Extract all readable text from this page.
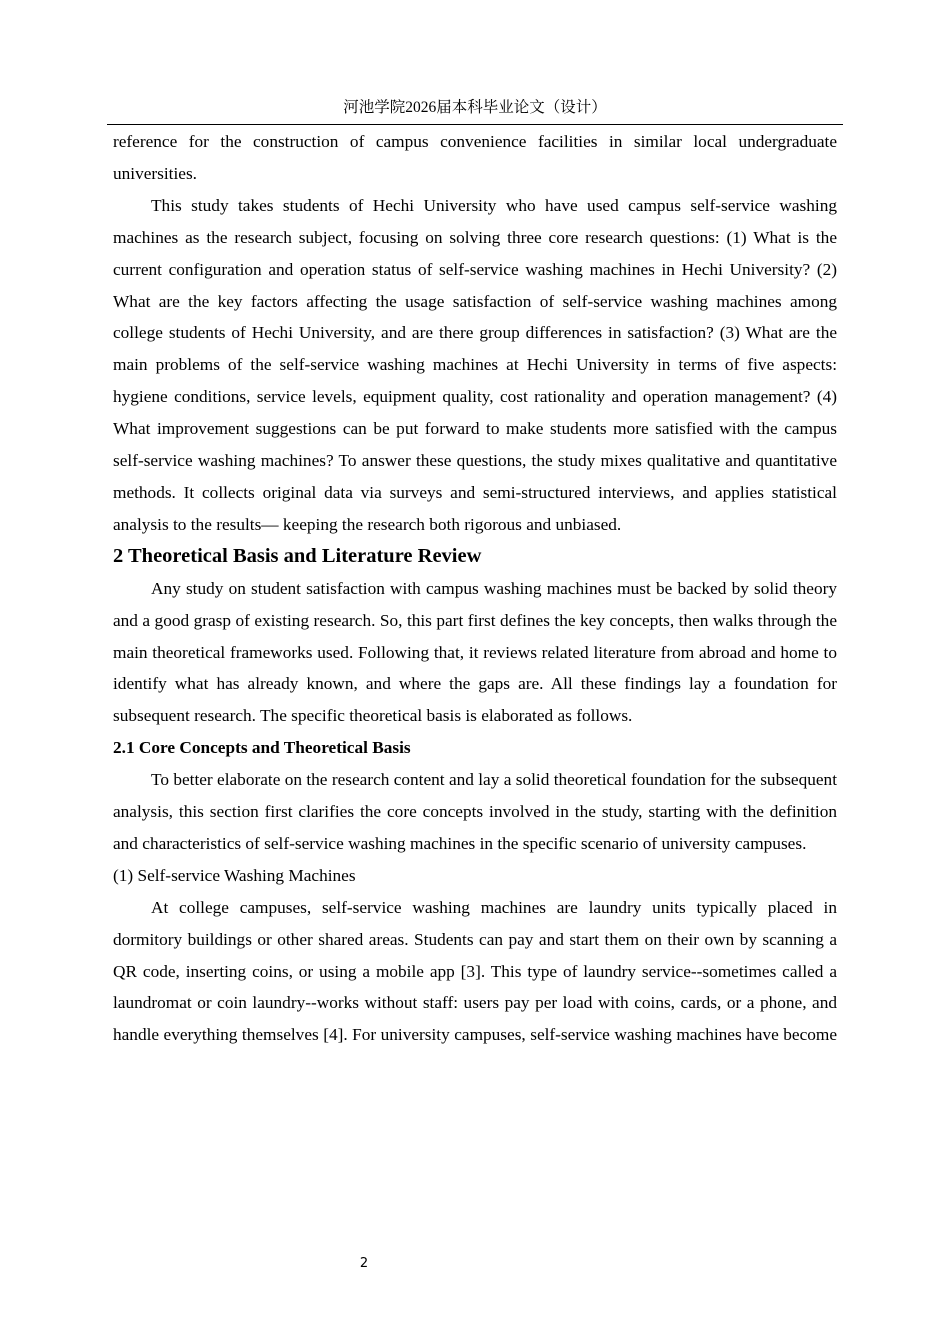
河池学院2026届本科毕业论文（设计）

reference for the construction of campus convenience facilities in similar local undergraduate universities.

This study takes students of Hechi University who have used campus self-service washing machines as the research subject, focusing on solving three core research questions: (1) What is the current configuration and operation status of self-service washing machines in Hechi University? (2) What are the key factors affecting the usage satisfaction of self-service washing machines among college students of Hechi University, and are there group differences in satisfaction? (3) What are the main problems of the self-service washing machines at Hechi University in terms of five aspects: hygiene conditions, service levels, equipment quality, cost rationality and operation management? (4) What improvement suggestions can be put forward to make students more satisfied with the campus self-service washing machines? To answer these questions, the study mixes qualitative and quantitative methods. It collects original data via surveys and semi-structured interviews, and applies statistical analysis to the results— keeping the research both rigorous and unbiased.

2 Theoretical Basis and Literature Review

Any study on student satisfaction with campus washing machines must be backed by solid theory and a good grasp of existing research. So, this part first defines the key concepts, then walks through the main theoretical frameworks used. Following that, it reviews related literature from abroad and home to identify what has already known, and where the gaps are. All these findings lay a foundation for subsequent research. The specific theoretical basis is elaborated as follows.

2.1 Core Concepts and Theoretical Basis

To better elaborate on the research content and lay a solid theoretical foundation for the subsequent analysis, this section first clarifies the core concepts involved in the study, starting with the definition and characteristics of self-service washing machines in the specific scenario of university campuses.

(1) Self-service Washing Machines

At college campuses, self-service washing machines are laundry units typically placed in dormitory buildings or other shared areas. Students can pay and start them on their own by scanning a QR code, inserting coins, or using a mobile app [3]. This type of laundry service--sometimes called a laundromat or coin laundry--works without staff: users pay per load with coins, cards, or a phone, and handle everything themselves [4]. For university campuses, self-service washing machines have become

2
